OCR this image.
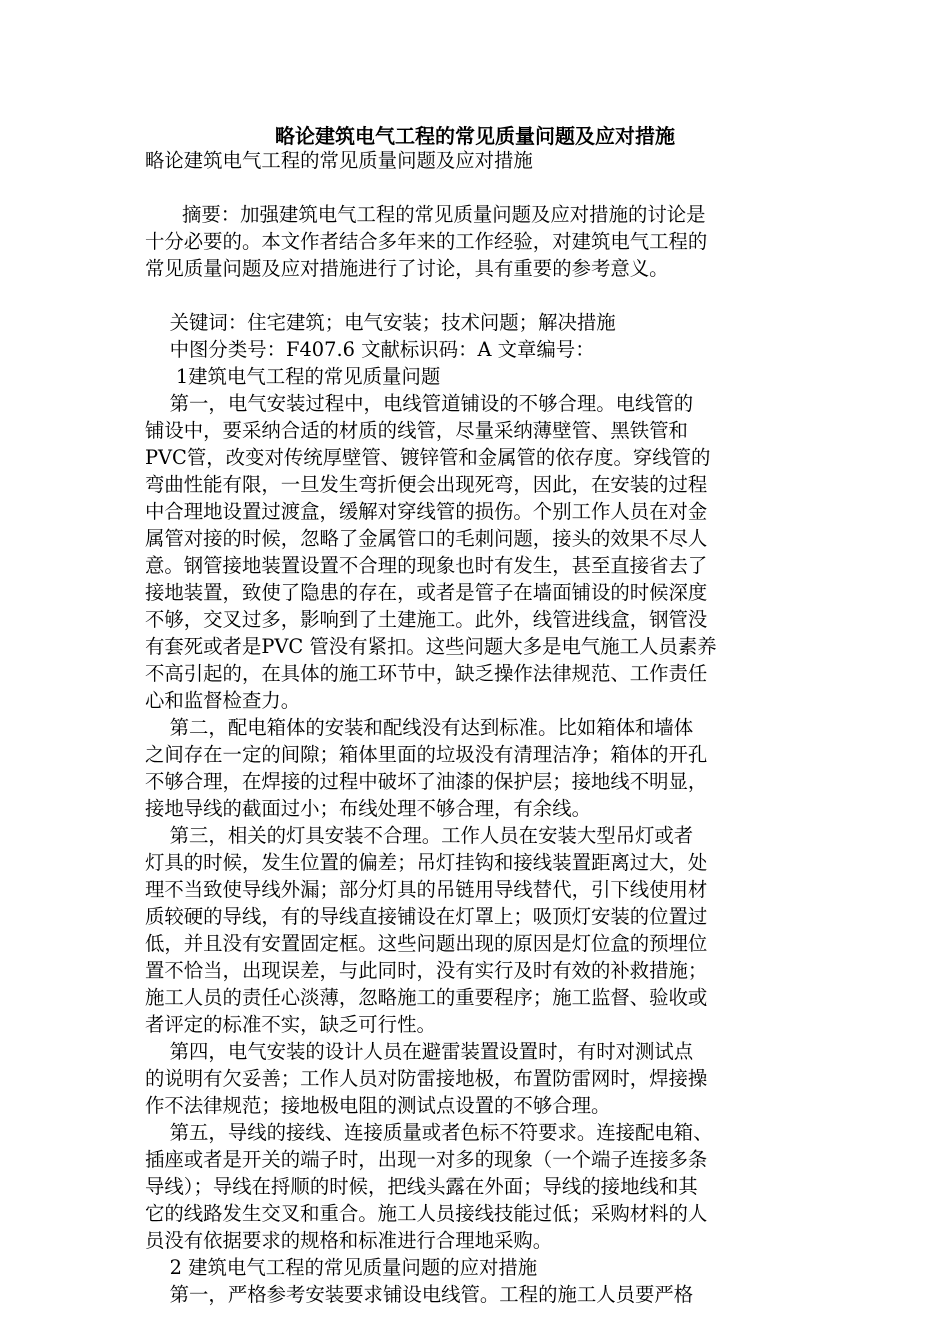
略论建筑电气工程的常见质量问题及应对措施
略论建筑电气工程的常见质量问题及应对措施
摘要：加强建筑电气工程的常见质量问题及应对措施的讨论是
十分必要的。本文作者结合多年来的工作经验，对建筑电气工程的
常见质量问题及应对措施进行了讨论，具有重要的参考意义。
关键词：住宅建筑；电气安装；技术问题；解决措施
中图分类号：F407.6 文献标识码：A 文章编号：
1建筑电气工程的常见质量问题
第一，电气安装过程中，电线管道铺设的不够合理。电线管的
铺设中，要采纳合适的材质的线管，尽量采纳薄壁管、黑铁管和
PVC管，改变对传统厚壁管、镀锌管和金属管的依存度。穿线管的
弯曲性能有限，一旦发生弯折便会出现死弯，因此，在安装的过程
中合理地设置过渡盒，缓解对穿线管的损伤。个别工作人员在对金
属管对接的时候，忽略了金属管口的毛刺问题，接头的效果不尽人
意。钢管接地装置设置不合理的现象也时有发生，甚至直接省去了
接地装置，致使了隐患的存在，或者是管子在墙面铺设的时候深度
不够，交叉过多，影响到了土建施工。此外，线管进线盒，钢管没
有套死或者是PVC 管没有紧扣。这些问题大多是电气施工人员素养
不高引起的，在具体的施工环节中，缺乏操作法律规范、工作责任
心和监督检查力。
第二，配电箱体的安装和配线没有达到标准。比如箱体和墙体
之间存在一定的间隙；箱体里面的垃圾没有清理洁净；箱体的开孔
不够合理，在焊接的过程中破坏了油漆的保护层；接地线不明显，
接地导线的截面过小；布线处理不够合理，有余线。
第三，相关的灯具安装不合理。工作人员在安装大型吊灯或者
灯具的时候，发生位置的偏差；吊灯挂钩和接线装置距离过大，处
理不当致使导线外漏；部分灯具的吊链用导线替代，引下线使用材
质较硬的导线，有的导线直接铺设在灯罩上；吸顶灯安装的位置过
低，并且没有安置固定框。这些问题出现的原因是灯位盒的预埋位
置不恰当，出现误差，与此同时，没有实行及时有效的补救措施；
施工人员的责任心淡薄，忽略施工的重要程序；施工监督、验收或
者评定的标准不实，缺乏可行性。
第四，电气安装的设计人员在避雷装置设置时，有时对测试点
的说明有欠妥善；工作人员对防雷接地极，布置防雷网时，焊接操
作不法律规范；接地极电阻的测试点设置的不够合理。
第五，导线的接线、连接质量或者色标不符要求。连接配电箱、
插座或者是开关的端子时，出现一对多的现象（一个端子连接多条
导线）；导线在捋顺的时候，把线头露在外面；导线的接地线和其
它的线路发生交叉和重合。施工人员接线技能过低；采购材料的人
员没有依据要求的规格和标准进行合理地采购。
2 建筑电气工程的常见质量问题的应对措施
第一，严格参考安装要求铺设电线管。工程的施工人员要严格
